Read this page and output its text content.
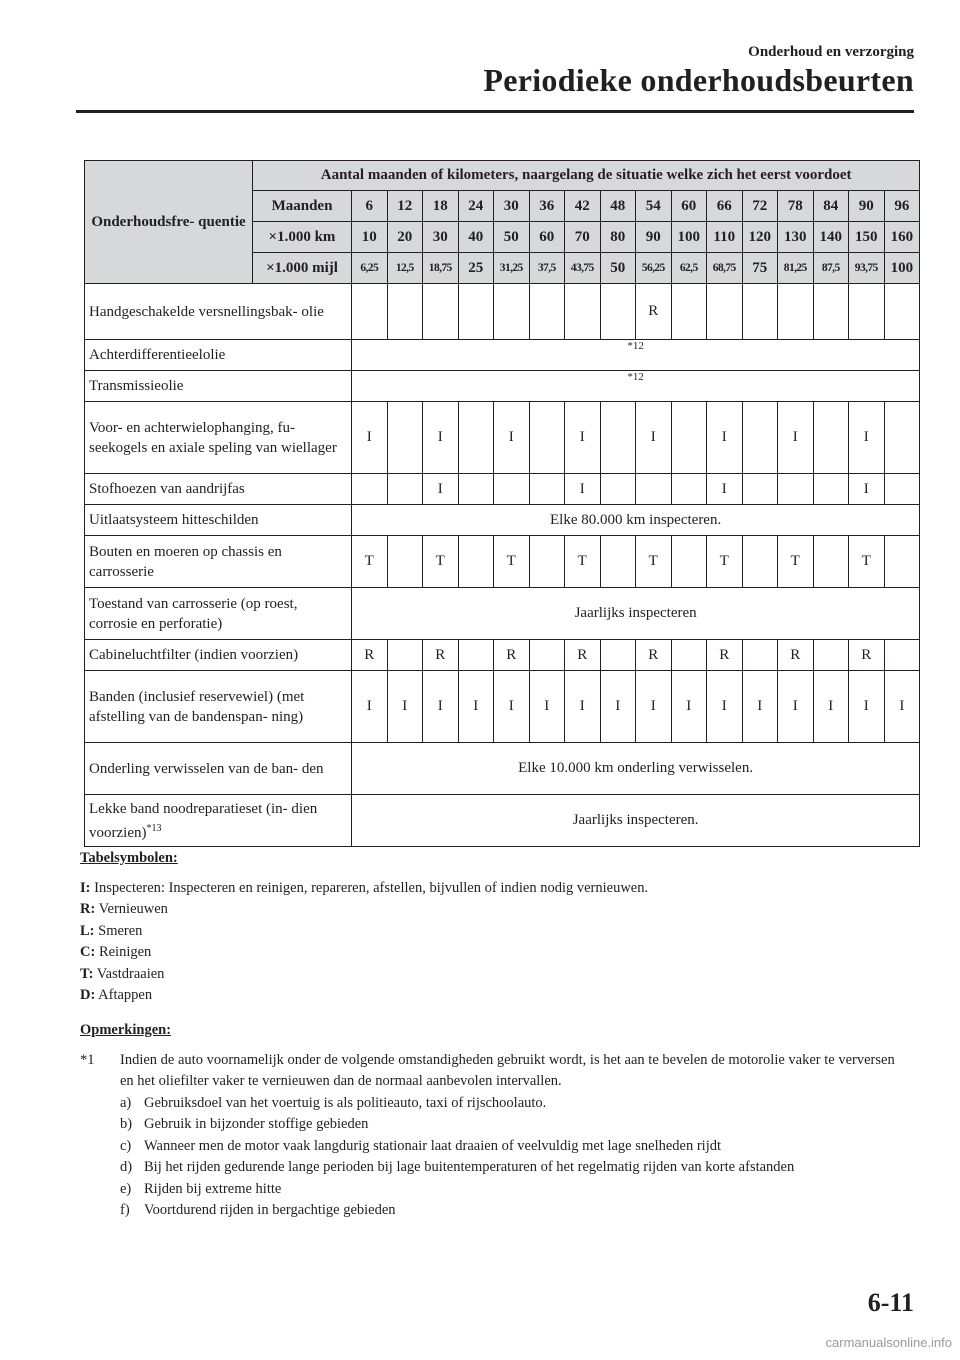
Onderhoud en verzorging
Periodieke onderhoudsbeurten
Onderhoudsfre- quentie	Aantal maanden of kilometers, naargelang de situatie welke zich het eerst voordoet																
	Maanden	6	12	18	24	30	36	42	48	54	60	66	72	78	84	90	96
	×1.000 km	10	20	30	40	50	60	70	80	90	100	110	120	130	140	150	160
	×1.000 mijl	6,25	12,5	18,75	25	31,25	37,5	43,75	50	56,25	62,5	68,75	75	81,25	87,5	93,75	100
Handgeschakelde versnellingsbak- olie										R							
Achterdifferentieelolie		$^{*12}$
Transmissieolie		$^{*12}$
Voor- en achterwielophanging, fu- seekogels en axiale speling van wiellager		I		I		I		I		I		I		I		I	
Stofhoezen van aandrijfas				I				I				I				I	
Uitlaatsysteem hitteschilden		Elke 80.000 km inspecteren.															
Bouten en moeren op chassis en carrosserie		T		T		T		T		T		T		T		T	
Toestand van carrosserie (op roest, corrosie en perforatie)		Jaarlijks inspecteren															
Cabineluchtfilter (indien voorzien)		R		R		R		R		R		R		R		R	
Banden (inclusief reservewiel) (met afstelling van de bandenspan- ning)		I	I	I	I	I	I	I	I	I	I	I	I	I	I	I	I
Onderling verwisselen van de ban- den		Elke 10.000 km onderling verwisselen.															
Lekke band noodreparatieset (in- dien voorzien)$^{*13}$		Jaarlijks inspecteren.															
Tabelsymbolen:
I: Inspecteren: Inspecteren en reinigen, repareren, afstellen, bijvullen of indien nodig vernieuwen.
R: Vernieuwen
L: Smeren
C: Reinigen
T: Vastdraaien
D: Aftappen
Opmerkingen:
*1	Indien de auto voornamelijk onder de volgende omstandigheden gebruikt wordt, is het aan te bevelen de motorolie vaker te verversen en het oliefilter vaker te vernieuwen dan de normaal aanbevolen intervallen.
a) Gebruiksdoel van het voertuig is als politieauto, taxi of rijschoolauto.
b) Gebruik in bijzonder stoffige gebieden
c) Wanneer men de motor vaak langdurig stationair laat draaien of veelvuldig met lage snelheden rijdt
d) Bij het rijden gedurende lange perioden bij lage buitentemperaturen of het regelmatig rijden van korte afstanden
e) Rijden bij extreme hitte
f) Voortdurend rijden in bergachtige gebieden
6-11
carmanualsonline.info
